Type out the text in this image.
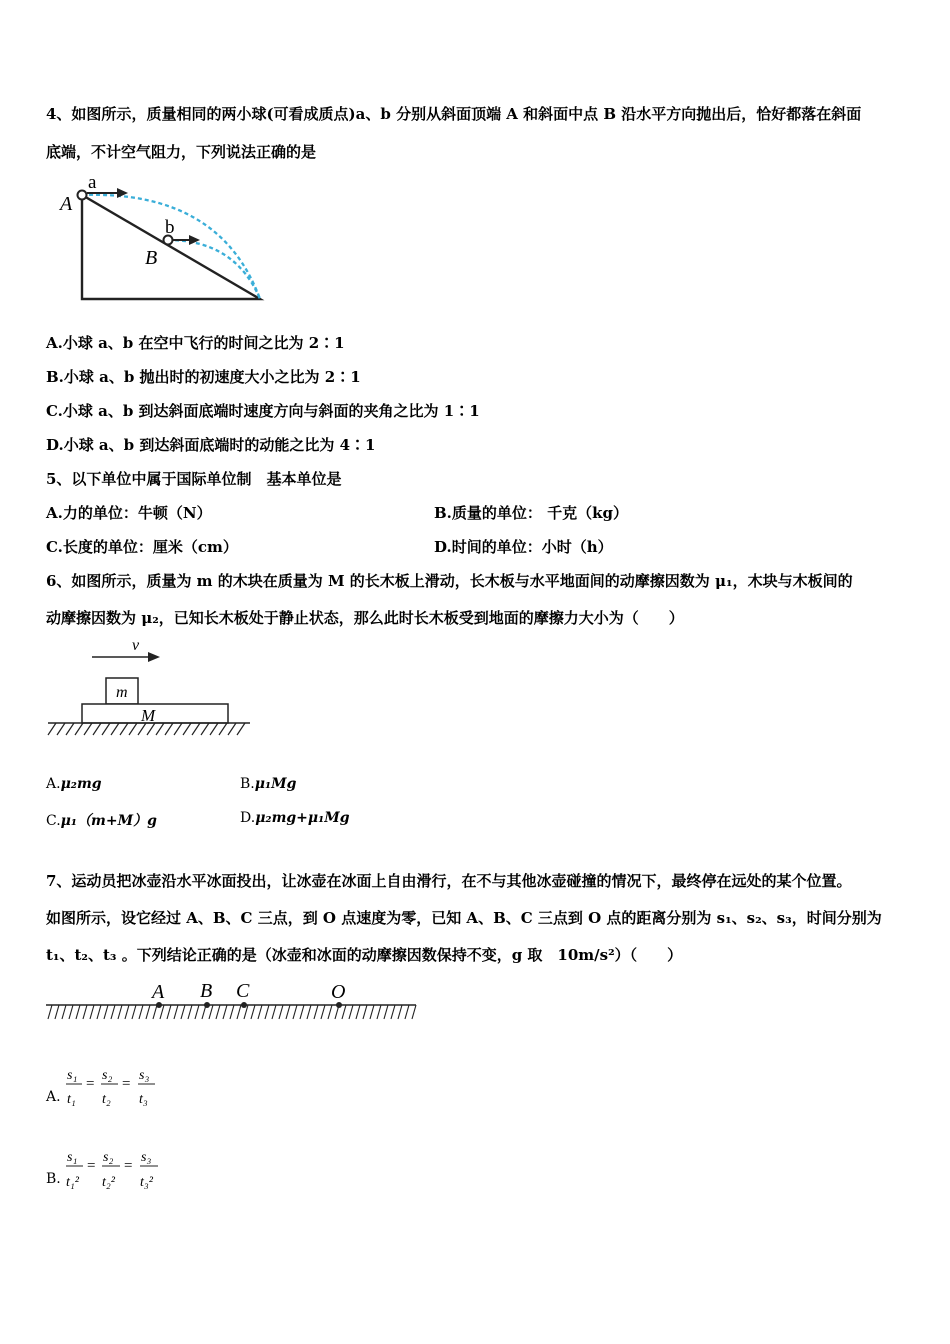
4、如图所示，质量相同的两小球(可看成质点)a、b 分别从斜面顶端 A 和斜面中点 B 沿水平方向抛出后，恰好都落在斜面
底端，不计空气阻力，下列说法正确的是
a
A
b
B
A.小球 a、b 在空中飞行的时间之比为 2∶1
B.小球 a、b 抛出时的初速度大小之比为 2∶1
C.小球 a、b 到达斜面底端时速度方向与斜面的夹角之比为 1∶1
D.小球 a、b 到达斜面底端时的动能之比为 4∶1
5、以下单位中属于国际单位制　基本单位是
A.力的单位：牛顿（N）	B.质量的单位： 千克（kg）
C.长度的单位：厘米（cm）	D.时间的单位：小时（h）
6、如图所示，质量为 m 的木块在质量为 M 的长木板上滑动，长木板与水平地面间的动摩擦因数为 μ₁，木块与木板间的
动摩擦因数为 μ₂，已知长木板处于静止状态，那么此时长木板受到地面的摩擦力大小为（　　）
v
m
M
A.μ₂mg	B.μ₁Mg
C.μ₁（m+M）g	D.μ₂mg+μ₁Mg
7、运动员把冰壶沿水平冰面投出，让冰壶在冰面上自由滑行，在不与其他冰壶碰撞的情况下，最终停在远处的某个位置。
如图所示，设它经过 A、B、C 三点，到 O 点速度为零，已知 A、B、C 三点到 O 点的距离分别为 s₁、s₂、s₃，时间分别为
t₁、t₂、t₃ 。下列结论正确的是（冰壶和冰面的动摩擦因数保持不变，g 取　10m/s²）（　　）
A B C	O
A.
s₁
t₁
=
s₂
t₂
=
s₃
t₃
B.
s₁
t₁²
=
s₂
t₂²
=
s₃
t₃²
